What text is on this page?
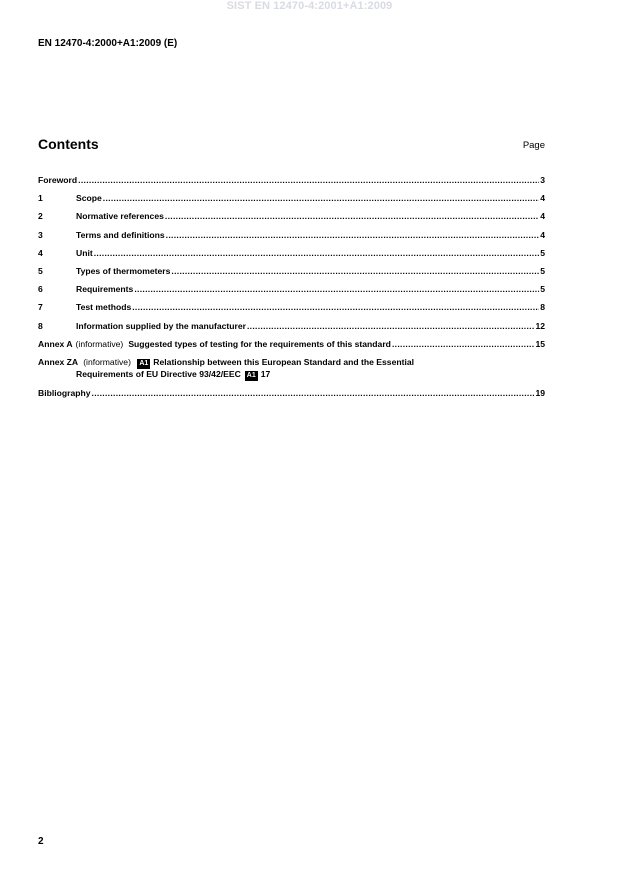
SIST EN 12470-4:2001+A1:2009
EN 12470-4:2000+A1:2009 (E)
Contents	Page
Foreword .....	3
1	Scope .....	4
2	Normative references .....	4
3	Terms and definitions .....	4
4	Unit .....	5
5	Types of thermometers .....	5
6	Requirements .....	5
7	Test methods .....	8
8	Information supplied by the manufacturer .....	12
Annex A (informative) Suggested types of testing for the requirements of this standard .....	15
Annex ZA (informative) A1 Relationship between this European Standard and the Essential
Requirements of EU Directive 93/42/EEC A1 17
Bibliography .....	19
2
